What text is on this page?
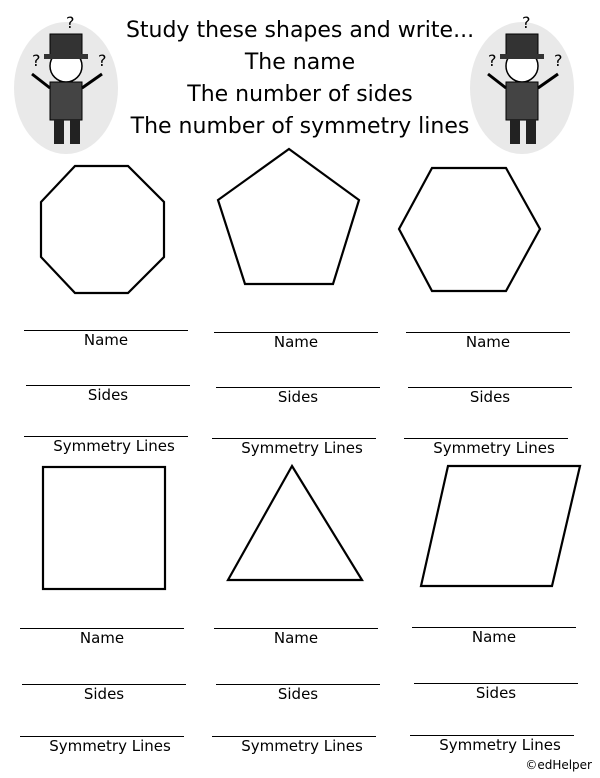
?	?
?
?	?
?
Study these shapes and write...
The name
The number of sides
The number of symmetry lines
Name	Name	Name
Sides	Sides	Sides
Symmetry Lines	Symmetry Lines	Symmetry Lines
Name	Name	Name
Sides	Sides	Sides
Symmetry Lines	Symmetry Lines	Symmetry Lines
©edHelper
